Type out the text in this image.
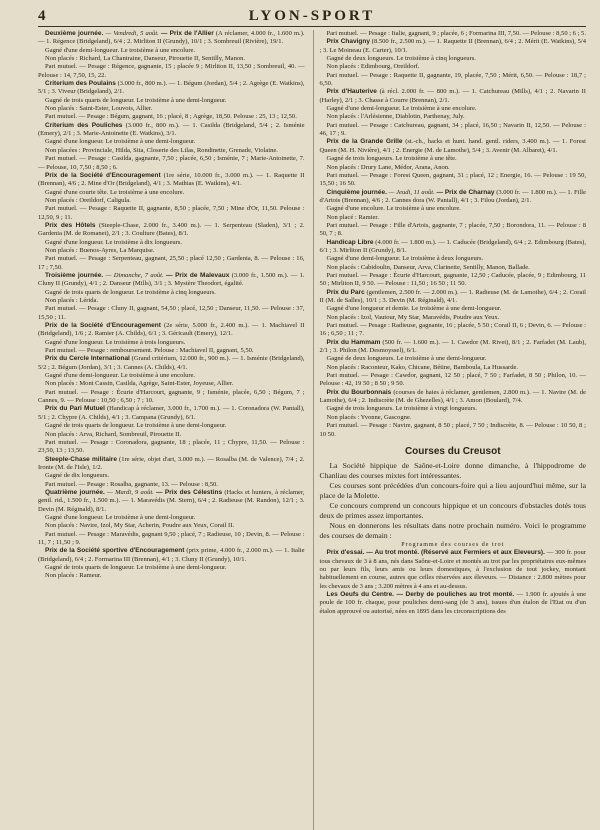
4	LYON-SPORT

Deuxième journée. — Vendredi, 5 août. — Prix de l'Allier (A réclamer, 4.000 fr., 1.600 m.). — 1. Régence (Bridgeland), 6/4 ; 2. Mirliton II (Grundy), 10/1 ; 3. Sombreuil (Rivière), 19/1.

Gagné d'une demi-longueur. Le troisième à une encolure.

Non placés : Richard, La Chantraine, Danseur, Pirouette II, Sentilly, Manon.

Pari mutuel. — Pesage : Régence, gagnante, 15 ; placée 9 ; Mirliton II, 13,50 ; Sombreuil, 40. — Pelouse : 14, 7,50, 15, 22.

Criterium des Poulains (3.000 fr., 800 m.). — 1. Bégum (Jordan), 5/4 ; 2. Agrège (E. Watkins), 5/1 ; 3. Viveur (Bridgeland), 2/1.

Gagné de trois quarts de longueur. Le troisième à une demi-longueur.

Non placés : Saint-Ester, Louvois, Allier.

Pari mutuel. — Pesage : Bégum, gagnant, 16 ; placé, 8 ; Agrège, 18,50. Pelouse : 25, 13 ; 12,50.

Criterium des Pouliches (3.000 fr., 800 m.). — 1. Casilda (Bridgeland, 5/4 ; 2. Isménie (Emery), 2/1 ; 3. Marie-Antoinette (E. Watkins), 3/1.

Gagné d'une longueur. Le troisième à une demi-longueur.

Non placées : Provinciale, Hilda, Sita, Closerie des Lilas, Rondinette, Grenade, Violaine.

Pari mutuel. — Pesage : Casilda, gagnante, 7,50 ; placée, 6,50 ; Isménie, 7 ; Marie-Antoinette, 7. — Pelouse, 10, 7,50 ; 8,50 ; 6.

Prix de la Société d'Encouragement (1re série, 10.000 fr., 3.000 m.). — 1. Raquette II (Brennan), 4/6 ; 2. Mine d'Or (Bridgeland), 4/1 ; 3. Mathias (E. Watkins), 4/1.

Gagné d'une courte tête. Le troisième à une encolure.

Non placés : Oreildorf, Caligula.

Pari mutuel. — Pesage : Raquette II, gagnante, 8,50 ; placée, 7,50 ; Mine d'Or, 11,50. Pelouse : 12,50, 9 ; 11.

Prix des Hôtels (Steeple-Chase, 2.000 fr., 3.400 m.). — 1. Serpenteau (Sladen), 3/1 ; 2. Gardenia (M. de Romanet), 2/1 ; 3. Coulture (Bates), 8/1.

Gagné d'une longueur. Le troisième à dix longueurs.

Non placés : Buenos-Ayres, La Marquise.

Pari mutuel. — Pesage : Serpenteau, gagnant, 25,50 ; placé 12,50 ; Gardenia, 8. — Pelouse : 16, 17 ; 7,50.

Troisième journée. — Dimanche, 7 août. — Prix de Malevaux (3.000 fr., 1.500 m.). — 1. Cluny II (Grundy), 4/1 ; 2. Danseur (Mills), 3/1 ; 3. Mystère Theodort, égalité.

Gagné de trois quarts de longueur. Le troisième à cinq longueurs.

Non placés : Lérida.

Pari mutuel. — Pesage : Cluny II, gagnant, 54,50 ; placé, 12,50 ; Danseur, 11,50. — Pelouse : 37, 15,50 ; 11.

Prix de la Société d'Encouragement (2e série, 5.000 fr., 2.400 m.). — 1. Machiavel II (Bridgeland), 1/6 ; 2. Ramier (A. Childs), 6/1 ; 3. Géricault (Emery), 12/1.

Gagné d'une longueur. Le troisième à trois longueurs.

Pari mutuel. — Pesage : remboursement. Pelouse : Machiavel II, gagnant, 5,50.

Prix du Cercle International (Grand critérium, 12.000 fr., 900 m.). — 1. Isménie (Bridgeland), 5/2 ; 2. Bégum (Jordan), 3/1 ; 3. Cannes (A. Childs), 4/1.

Gagné d'une demi-longueur. Le troisième à une encolure.

Non placés : Mont Cassin, Casilda, Agrège, Saint-Ester, Joyeuse, Allier.

Pari mutuel. — Pesage : Écurie d'Harcourt, gagnante, 9 ; Isménie, placée, 6,50 ; Bégum, 7 ; Cannes, 9. — Pelouse : 10,50 ; 6,50 ; 7 ; 10.

Prix du Pari Mutuel (Handicap à réclamer, 3.000 fr., 1.700 m.). — 1. Coronadora (W. Pantall), 5/1 ; 2. Chypre (A. Childs), 4/1 ; 3. Campana (Grundy), 6/1.

Gagné de trois quarts de longueur. Le troisième à une demi-longueur.

Non placés : Arva, Richard, Sombreuil, Pirouette II.

Pari mutuel. — Pesage : Coronadora, gagnante, 18 ; placée, 11 ; Chypre, 11,50. — Pelouse : 23,50, 13 ; 13,50.

Steeple-Chase militaire (1re série, objet d'art, 3.000 m.). — Rosalba (M. de Valence), 7/4 ; 2. Ironie (M. de l'Isle), 1/2.

Gagné de dix longueurs.

Pari mutuel. — Pesage : Rosalba, gagnante, 13. — Pelouse : 8,50.

Quatrième journée. — Mardi, 9 août. — Prix des Célestins (Hacks et hunters, à réclamer, gentl. rid., 1.500 fr., 1.500 m.). — 1. Maravédis (M. Stern), 6/4 ; 2. Radieuse (M. Randon), 12/1 ; 3. Devin (M. Réginald), 8/1.

Gagné d'une longueur. Le troisième à une demi-longueur.

Non placés : Navire, Izol, My Star, Acherin, Poudre aux Yeux, Corail II.

Pari mutuel. — Pesage : Maravédis, gagnant 9,50 ; placé, 7 ; Radieuse, 10 ; Devin, 8. — Pelouse : 11, 7 ; 11,50 ; 9.

Prix de la Société sportive d'Encouragement (prix prime, 4.000 fr., 2.000 m.). — 1. Italie (Bridgeland), 6/4 ; 2. Formarina III (Brennan), 4/1 ; 3. Cluny II (Grundy), 10/1.

Gagné de trois quarts de longueur. Le troisième à une demi-longueur.

Non placés : Rameur.

Pari mutuel. — Pesage : Italie, gagnant, 9 ; placée, 6 ; Formarina III, 7,50. — Pelouse : 8,50 ; 6 ; 5.

Prix Chavigny (8.500 fr., 2.500 m.). — 1. Raquette II (Brennan), 6/4 ; 2. Mérit (E. Watkins), 5/4 ; 3. Le Moineau (E. Carter), 10/1.

Gagné de deux longueurs. Le troisième à cinq longueurs.

Non placés : Edimbourg, Oreildorf.

Pari mutuel. — Pesage : Raquette II, gagnante, 19, placée, 7,50 ; Mérit, 6,50. — Pelouse : 18,7 ; 6,50.

Prix d'Hauterive (à récl. 2.000 fr. — 800 m.). — 1. Catchureau (Mills), 4/1 ; 2. Navarin II (Harley), 2/1 ; 3. Chasse à Courre (Brennan), 2/1.

Gagné d'une demi-longueur. Le troisième à une encolure.

Non placés : l'Arlésienne, Diablotin, Parthenay, July.

Pari mutuel. — Pesage : Catchureau, gagnant, 34 ; placé, 16,50 ; Navarin II, 12,50. — Pelouse : 46, 17 ; 9.

Prix de la Grande Grille (st.-ch., hacks et hunt. hand. gentl. riders, 3.400 m.). — 1. Forest Queen (M. H. Nivière), 4/1 ; 2. Energie (M. de Lamothe), 5/4 ; 3. Avenir (M. Albaret), 4/1.

Gagné de trois longueurs. Le troisième à une tête.

Non placés : Drury Lane, Médor, Arana, Anon.

Pari mutuel. — Pesage : Forest Queen, gagnant, 31 ; placé, 12 ; Energie, 16. — Pelouse : 19 50, 15,50 ; 16 50.

Cinquième journée. — Jeudi, 11 août. — Prix de Charnay (3.000 fr. — 1.800 m.). — 1. Fille d'Artois (Brennan), 4/6 ; 2. Cannes dora (W. Pantall), 4/1 ; 3. Filou (Jordan), 2/1.

Gagné d'une encolure. Le troisième à une encolure.

Non placé : Ramier.

Pari mutuel. — Pesage : Fille d'Artois, gagnante, 7 ; placée, 7,50 ; Borondora, 11. — Pelouse : 8 50, 7 ; 8.

Handicap Libre (4.000 fr. — 1.800 m.). — 1. Caducée (Bridgeland), 6/4 ; 2. Edimbourg (Bates), 6/1 ; 3. Mirliton II (Grundy), 8/1.

Gagné d'une demi-longueur. Le troisième à deux longueurs.

Non placés : Cabidoulin, Danseur, Arva, Clarinette, Sentilly, Manon, Ballade.

Pari mutuel. — Pesage : Écurie d'Harcourt, gagnante, 12,50 ; Caducée, placée, 9 ; Edimbourg, 11 50 ; Mirliton II, 9 50. — Pelouse : 11,50 ; 16 50 ; 11 50.

Prix du Parc (gentlemen, 2.500 fr. — 2.000 m.). — 1. Radieuse (M. de Lamothe), 6/4 ; 2. Corail II (M. de Salles), 10/1 ; 3. Devin (M. Réginald), 4/1.

Gagné d'une longueur et demie. Le troisième à une demi-longueur.

Non placés : Izol, Vautour, My Star, Maravédis, Poudre aux Yeux.

Pari mutuel. — Pesage : Radieuse, gagnante, 16 ; placée, 5 50 ; Corail II, 6 ; Devin, 6. — Pelouse : 16 ; 6,50 ; 11 ; 7.

Prix du Hammam (500 fr. — 1.600 m.). — 1. Cawdor (M. Rivet), 8/1 ; 2. Farfadet (M. Laub), 2/1 ; 3. Philon (M. Desmoyssel), 6/1.

Gagné de deux longueurs. Le troisième à une demi-longueur.

Non placés : Raconteur, Kako, Chicane, Bétine, Bamboula, La Hussarde.

Pari mutuel. — Pesage : Cawdor, gagnant, 12 50 ; placé, 7 50 ; Farfadet, 8 50 ; Philon, 10. — Pelouse : 42, 19 50 ; 8 50 ; 9 50.

Prix du Bourbonnais (courses de haies à réclamer, gentlemen, 2.800 m.). — 1. Navire (M. de Lamothe), 6/4 ; 2. Indiscrète (M. de Ghezelles), 4/1 ; 3. Amon (Boulard), 7/4.

Gagné de trois longueurs. Le troisième à vingt longueurs.

Non placés : Yvonne, Gascogne.

Pari mutuel. — Pesage : Navire, gagnant, 8 50 ; placé, 7 50 ; Indiscrète, 8. — Pelouse : 10 50, 8 ; 10 50.

Courses du Creusot

La Société hippique de Saône-et-Loire donne dimanche, à l'hippodrome de Chanliau des courses mixtes fort intéressantes.

Ces courses sont précédées d'un concours-foire qui a lieu aujourd'hui même, sur la place de la Molette.

Ce concours comprend un concours hippique et un concours d'obstacles dotés tous deux de primes assez importantes.

Nous en donnerons les résultats dans notre prochain numéro. Voici le programme des courses de demain :

Programme des courses de trot

Prix d'essai. — Au trot monté. (Réservé aux Fermiers et aux Eleveurs). — 300 fr. pour tous chevaux de 3 à 8 ans, nés dans Saône-et-Loire et montés au trot par les propriétaires eux-mêmes ou par leurs fils, leurs amis ou leurs domestiques, à l'exclusion de tout jockey, montant habituellement en course, autres que celles réservées aux éleveurs. — Distance : 2.800 mètres pour les chevaux de 3 ans ; 3.200 mètres à 4 ans et au-dessus.

Les Oeufs du Centre. — Derby de pouliches au trot monté. — 1.900 fr. ajoutés à une poule de 100 fr. chaque, pour pouliches demi-sang (de 3 ans), issues d'un étalon de l'Etat ou d'un étalon approuvé ou autorisé, nées en 1895 dans les circonscriptions des
